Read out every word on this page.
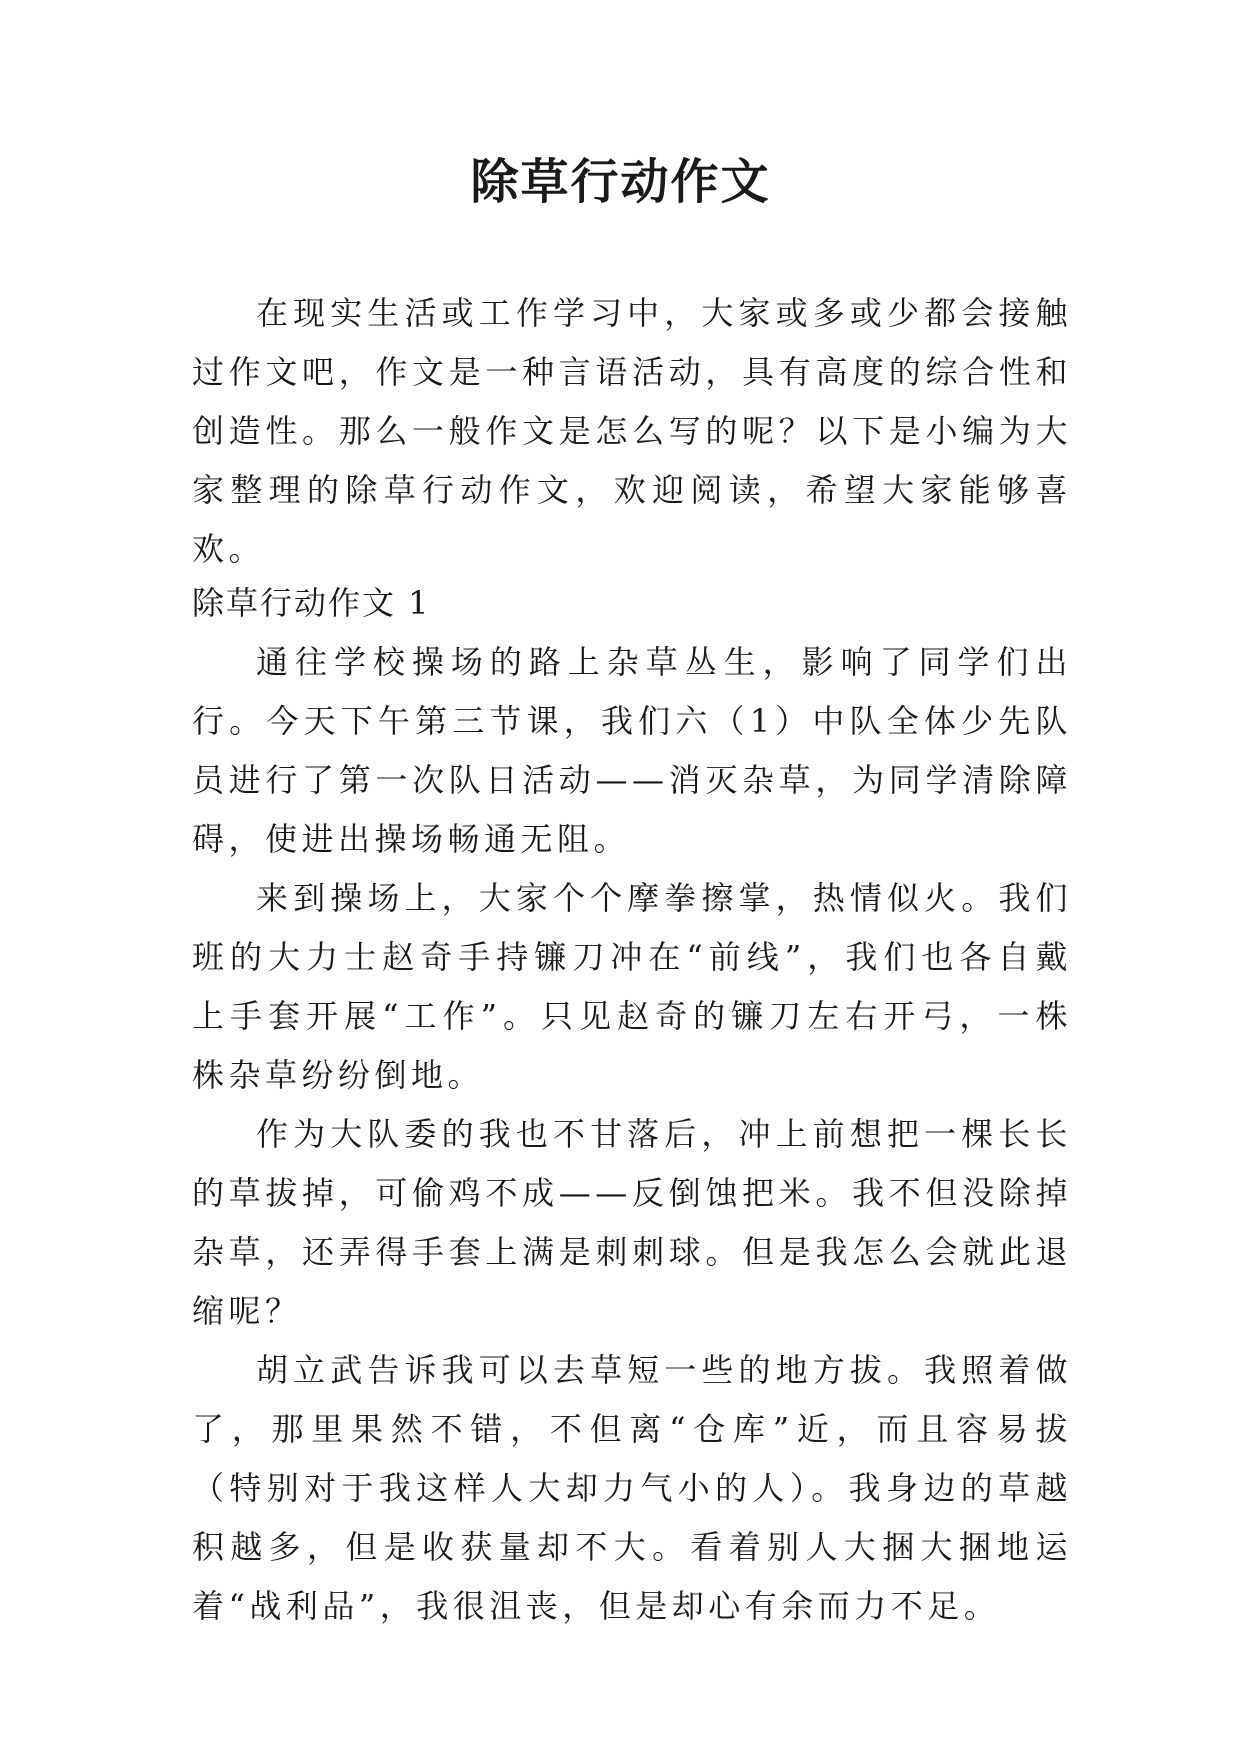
除草行动作文

在现实生活或工作学习中，大家或多或少都会接触过作文吧，作文是一种言语活动，具有高度的综合性和创造性。那么一般作文是怎么写的呢？以下是小编为大家整理的除草行动作文，欢迎阅读，希望大家能够喜欢。

除草行动作文 1

通往学校操场的路上杂草丛生，影响了同学们出行。今天下午第三节课，我们六（1）中队全体少先队员进行了第一次队日活动——消灭杂草，为同学清除障碍，使进出操场畅通无阻。

来到操场上，大家个个摩拳擦掌，热情似火。我们班的大力士赵奇手持镰刀冲在“前线”，我们也各自戴上手套开展“工作”。只见赵奇的镰刀左右开弓，一株株杂草纷纷倒地。

作为大队委的我也不甘落后，冲上前想把一棵长长的草拔掉，可偷鸡不成——反倒蚀把米。我不但没除掉杂草，还弄得手套上满是刺刺球。但是我怎么会就此退缩呢？

胡立武告诉我可以去草短一些的地方拔。我照着做了，那里果然不错，不但离“仓库”近，而且容易拔（特别对于我这样人大却力气小的人）。我身边的草越积越多，但是收获量却不大。看着别人大捆大捆地运着“战利品”，我很沮丧，但是却心有余而力不足。
